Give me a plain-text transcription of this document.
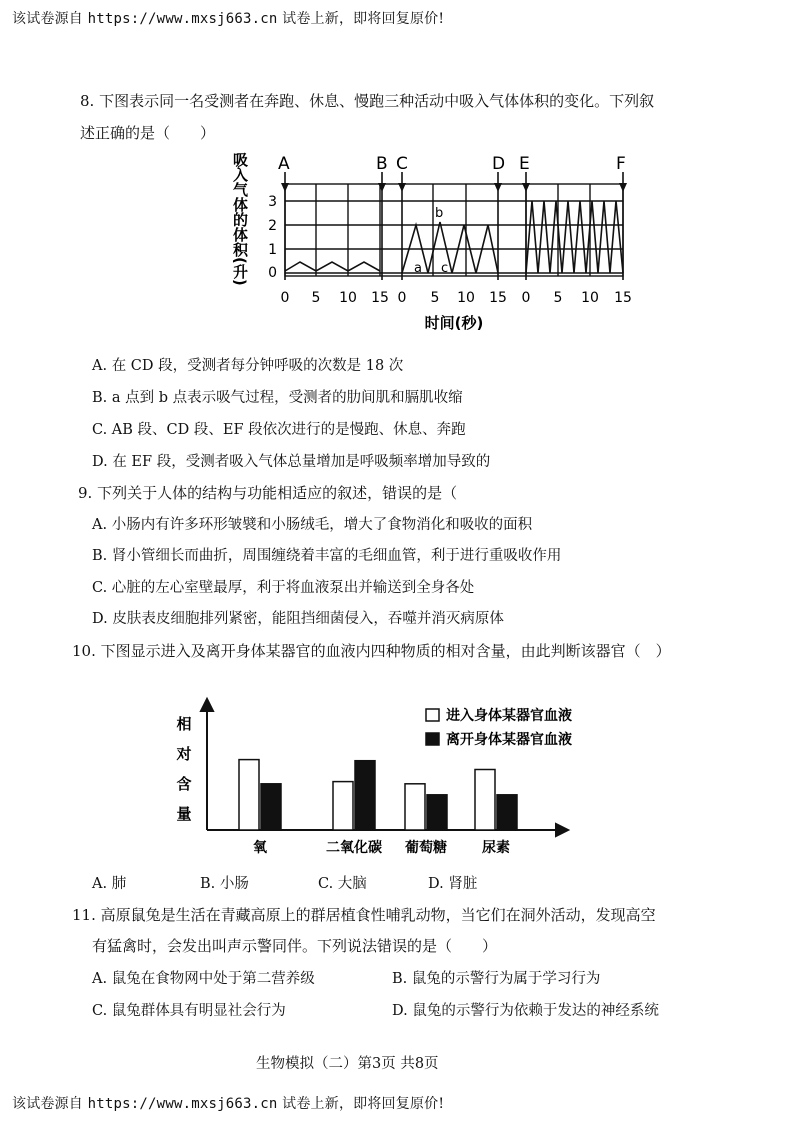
该试卷源自 https://www.mxsj663.cn 试卷上新，即将回复原价!
8. 下图表示同一名受测者在奔跑、休息、慢跑三种活动中吸入气体体积的变化。下列叙
述正确的是（　　）
吸入气体的体积(升) A	B C	D E	F
0
1
2
3
a
b
c
0 5 10 15 0 5 10 15 0 5 10 15
时间(秒)
A. 在 CD 段，受测者每分钟呼吸的次数是 18 次
B. a 点到 b 点表示吸气过程，受测者的肋间肌和膈肌收缩
C. AB 段、CD 段、EF 段依次进行的是慢跑、休息、奔跑
D. 在 EF 段，受测者吸入气体总量增加是呼吸频率增加导致的
9. 下列关于人体的结构与功能相适应的叙述，错误的是（
A. 小肠内有许多环形皱襞和小肠绒毛，增大了食物消化和吸收的面积
B. 肾小管细长而曲折，周围缠绕着丰富的毛细血管，利于进行重吸收作用
C. 心脏的左心室壁最厚，利于将血液泵出并输送到全身各处
D. 皮肤表皮细胞排列紧密，能阻挡细菌侵入，吞噬并消灭病原体
10. 下图显示进入及离开身体某器官的血液内四种物质的相对含量，由此判断该器官（　）
相
对
含
量
进入身体某器官血液
离开身体某器官血液
氧	二氧化碳 葡萄糖	尿素
A. 肺	B. 小肠	C. 大脑	D. 肾脏
11. 高原鼠兔是生活在青藏高原上的群居植食性哺乳动物，当它们在洞外活动，发现高空
有猛禽时，会发出叫声示警同伴。下列说法错误的是（　　）
A. 鼠兔在食物网中处于第二营养级	B. 鼠兔的示警行为属于学习行为
C. 鼠兔群体具有明显社会行为	D. 鼠兔的示警行为依赖于发达的神经系统
生物模拟（二）第3页 共8页
该试卷源自 https://www.mxsj663.cn 试卷上新，即将回复原价!
